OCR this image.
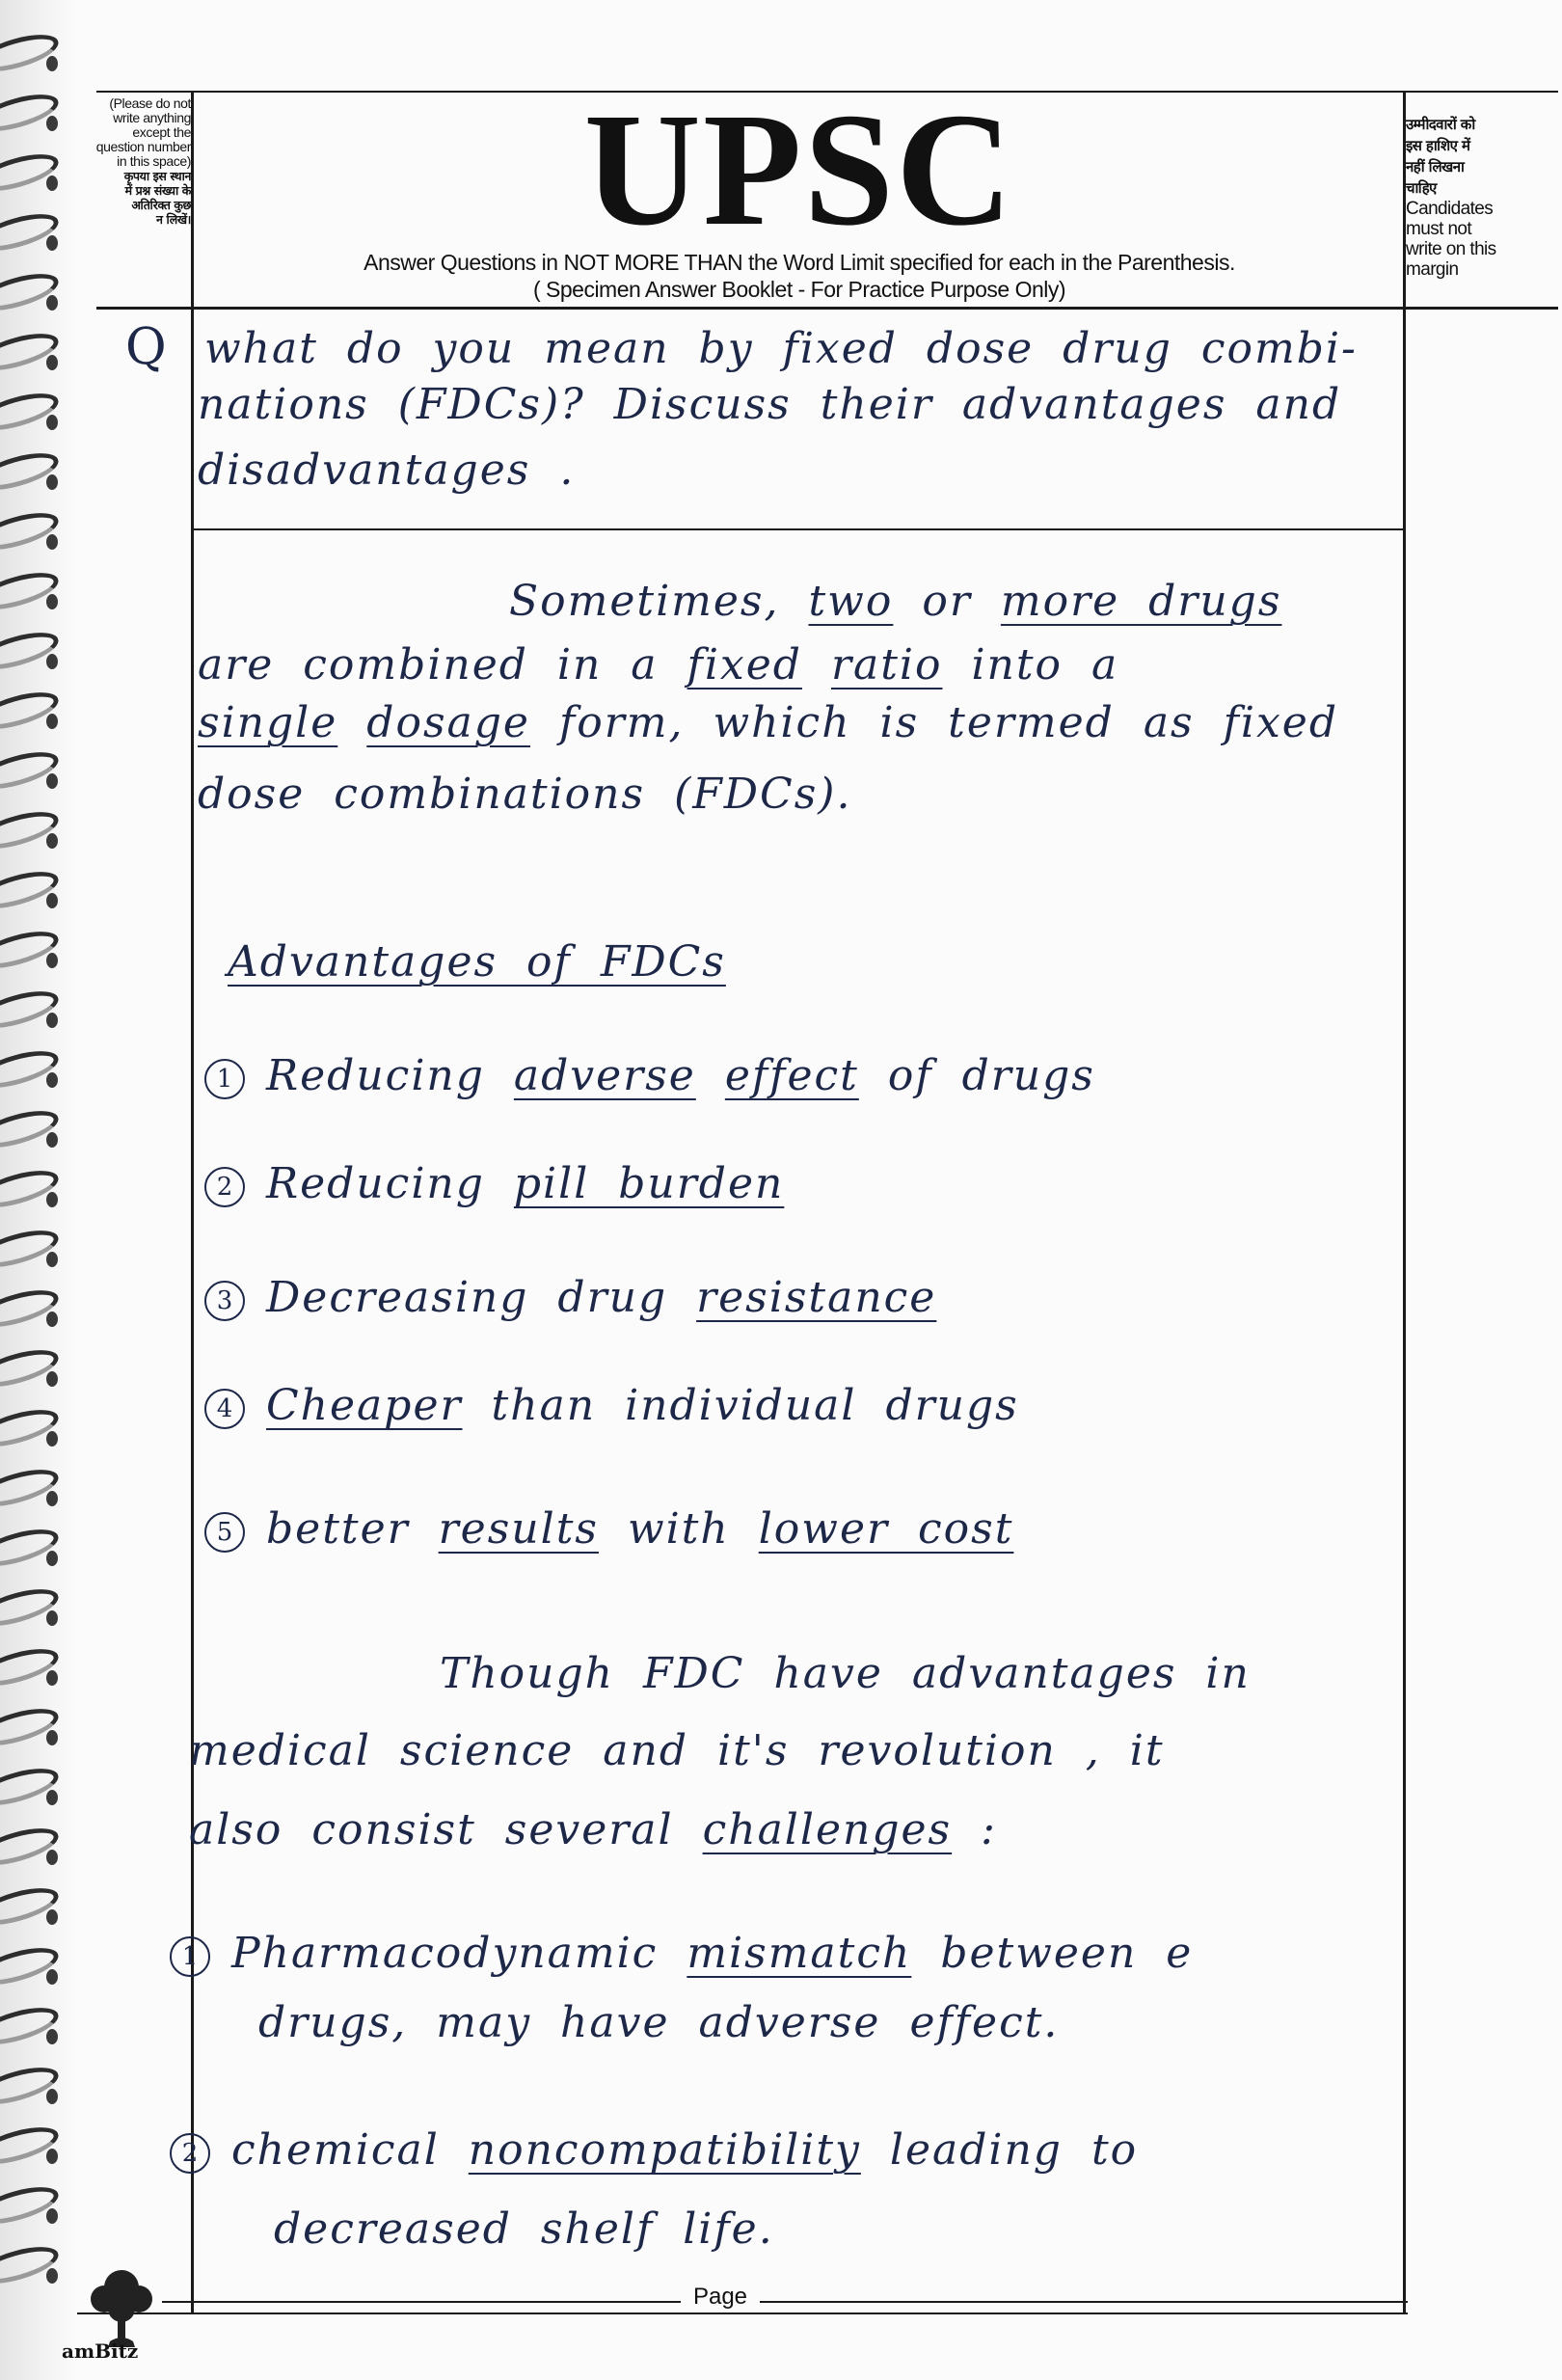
(Please do not
write anything
except the
question number
in this space)
कृपया इस स्थान
में प्रश्न संख्या के
अतिरिक्त कुछ
न लिखें।	UPSC
Answer Questions in NOT MORE THAN the Word Limit specified for each in the Parenthesis.
( Specimen Answer Booklet - For Practice Purpose Only)
उम्मीदवारों को
इस हाशिए में
नहीं लिखना
चाहिए
Candidates
must not
write on this
margin
Q what do you mean by fixed dose drug combi-
nations (FDCs)? Discuss their advantages and
disadvantages .
Sometimes, two or more drugs
are combined in a fixed ratio into a
single dosage form, which is termed as fixed
dose combinations (FDCs).
Advantages of FDCs
1 Reducing adverse effect of drugs
2 Reducing pill burden
3 Decreasing drug resistance
4 Cheaper than individual drugs
5 better results with lower cost
Though FDC have advantages in
medical science and it's revolution , it
also consist several challenges :
1 Pharmacodynamic mismatch between e
drugs, may have adverse effect.
2 chemical noncompatibility leading to
decreased shelf life.
Page
amBitz
